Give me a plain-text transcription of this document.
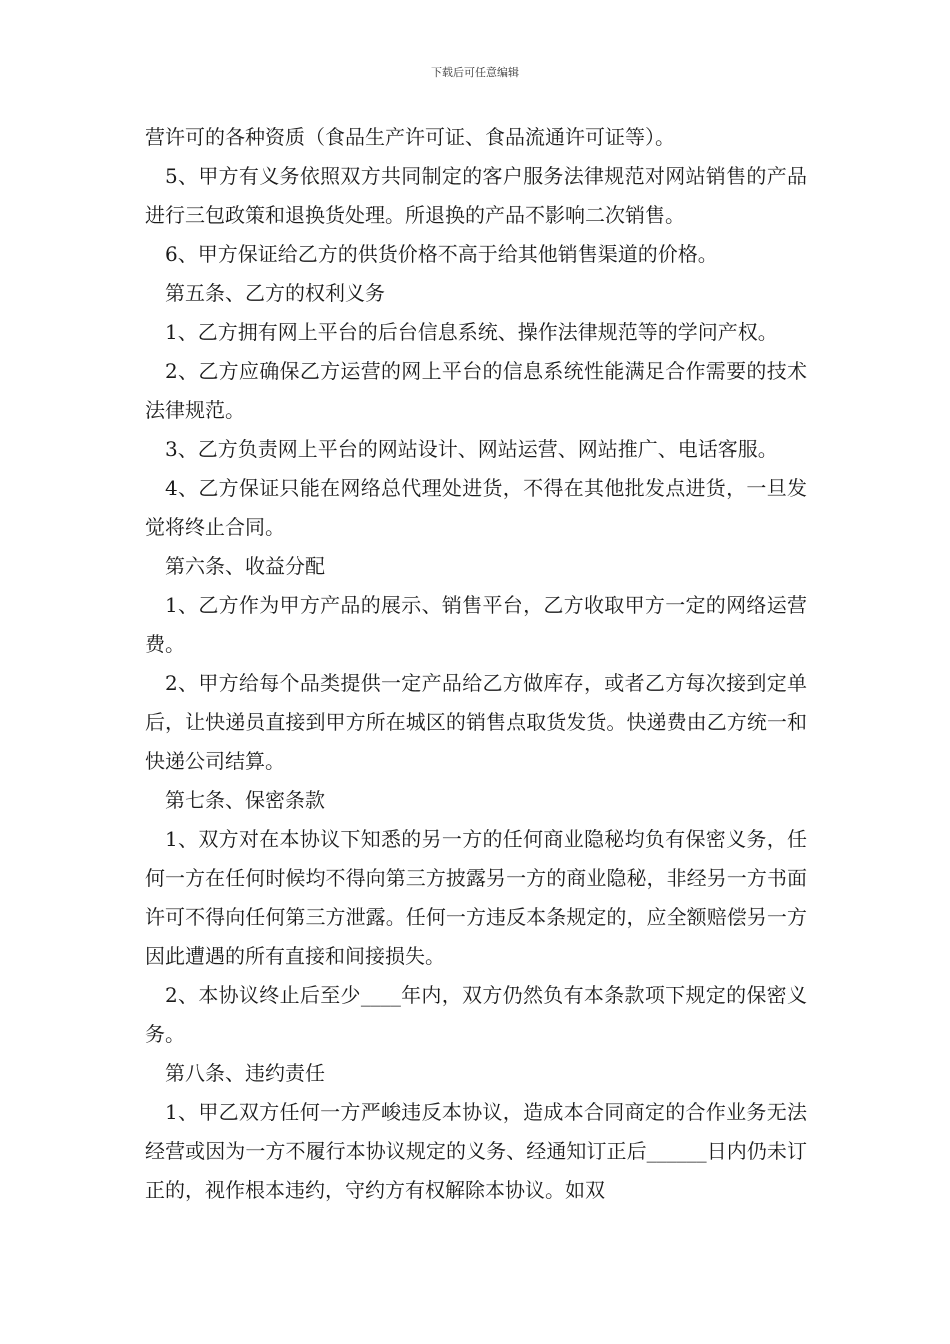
下载后可任意编辑

营许可的各种资质（食品生产许可证、食品流通许可证等）。

5、甲方有义务依照双方共同制定的客户服务法律规范对网站销售的产品进行三包政策和退换货处理。所退换的产品不影响二次销售。

6、甲方保证给乙方的供货价格不高于给其他销售渠道的价格。

第五条、乙方的权利义务

1、乙方拥有网上平台的后台信息系统、操作法律规范等的学问产权。

2、乙方应确保乙方运营的网上平台的信息系统性能满足合作需要的技术法律规范。

3、乙方负责网上平台的网站设计、网站运营、网站推广、电话客服。

4、乙方保证只能在网络总代理处进货，不得在其他批发点进货，一旦发觉将终止合同。

第六条、收益分配

1、乙方作为甲方产品的展示、销售平台，乙方收取甲方一定的网络运营费。

2、甲方给每个品类提供一定产品给乙方做库存，或者乙方每次接到定单后，让快递员直接到甲方所在城区的销售点取货发货。快递费由乙方统一和快递公司结算。

第七条、保密条款

1、双方对在本协议下知悉的另一方的任何商业隐秘均负有保密义务，任何一方在任何时候均不得向第三方披露另一方的商业隐秘，非经另一方书面许可不得向任何第三方泄露。任何一方违反本条规定的，应全额赔偿另一方因此遭遇的所有直接和间接损失。

2、本协议终止后至少____年内，双方仍然负有本条款项下规定的保密义务。

第八条、违约责任

1、甲乙双方任何一方严峻违反本协议，造成本合同商定的合作业务无法经营或因为一方不履行本协议规定的义务、经通知订正后______日内仍未订正的，视作根本违约，守约方有权解除本协议。如双
